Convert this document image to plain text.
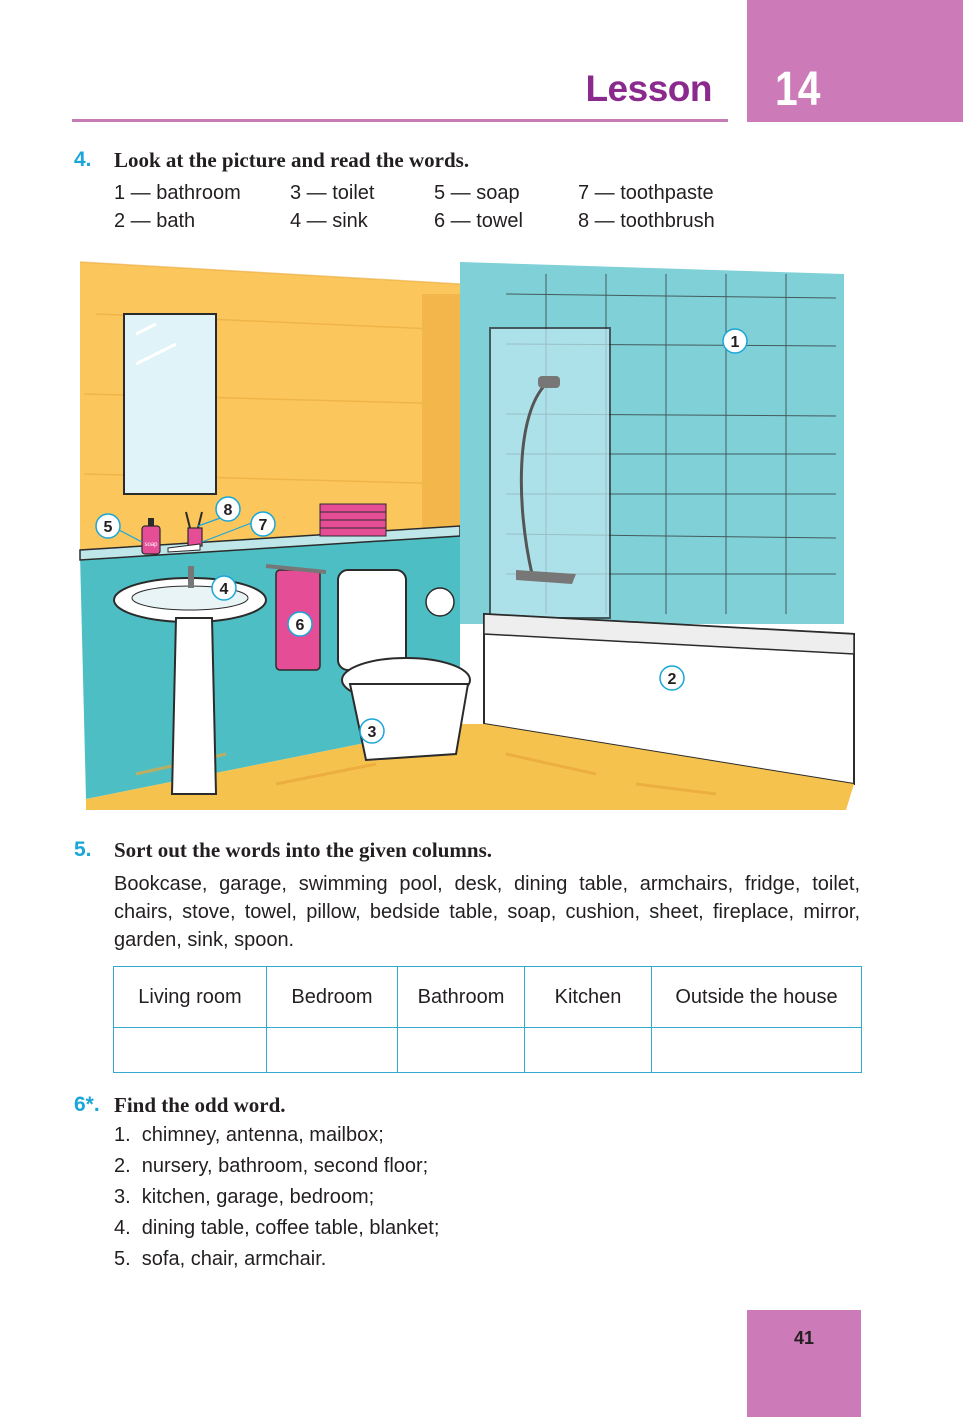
Lesson 14
4. Look at the picture and read the words.
1 — bathroom
2 — bath
3 — toilet
4 — sink
5 — soap
6 — towel
7 — toothpaste
8 — toothbrush
soap
1
2
3
4
5
6
7
8
5. Sort out the words into the given columns.
Bookcase, garage, swimming pool, desk, dining table, armchairs, fridge, toilet, chairs, stove, towel, pillow, bedside table, soap, cushion, sheet, fireplace, mirror, garden, sink, spoon.
Living room	Bedroom	Bathroom	Kitchen	Outside the house

6*. Find the odd word.
1.  chimney, antenna, mailbox;
2.  nursery, bathroom, second floor;
3.  kitchen, garage, bedroom;
4.  dining table, coffee table, blanket;
5.  sofa, chair, armchair.
41
